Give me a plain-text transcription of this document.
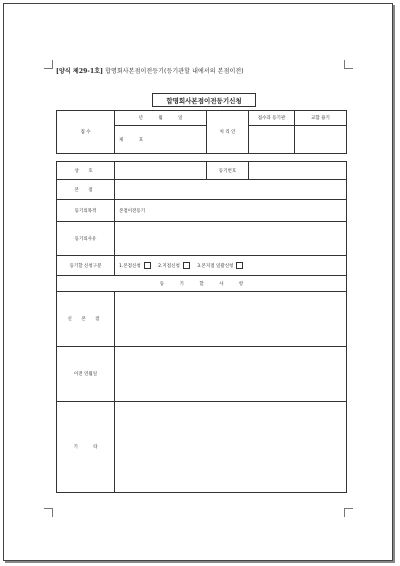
[양식 제29-1호] 합명회사본점이전등기(등기관할 내에서의 본점이전)
합명회사본점이전등기신청
접 수	년 월 일	처 리 인	접수과 등기관	교합 용기
	제 호			

상 호		등기번호	
본 점			
등기의목적	본점이전등기		
등기의사유			
등기할 신청구분	1.본점신청 2.지점신청 3.본지점 일괄신청		
등 기 할 사 항			
신 본 점			
이전 연월일			
기 타			
